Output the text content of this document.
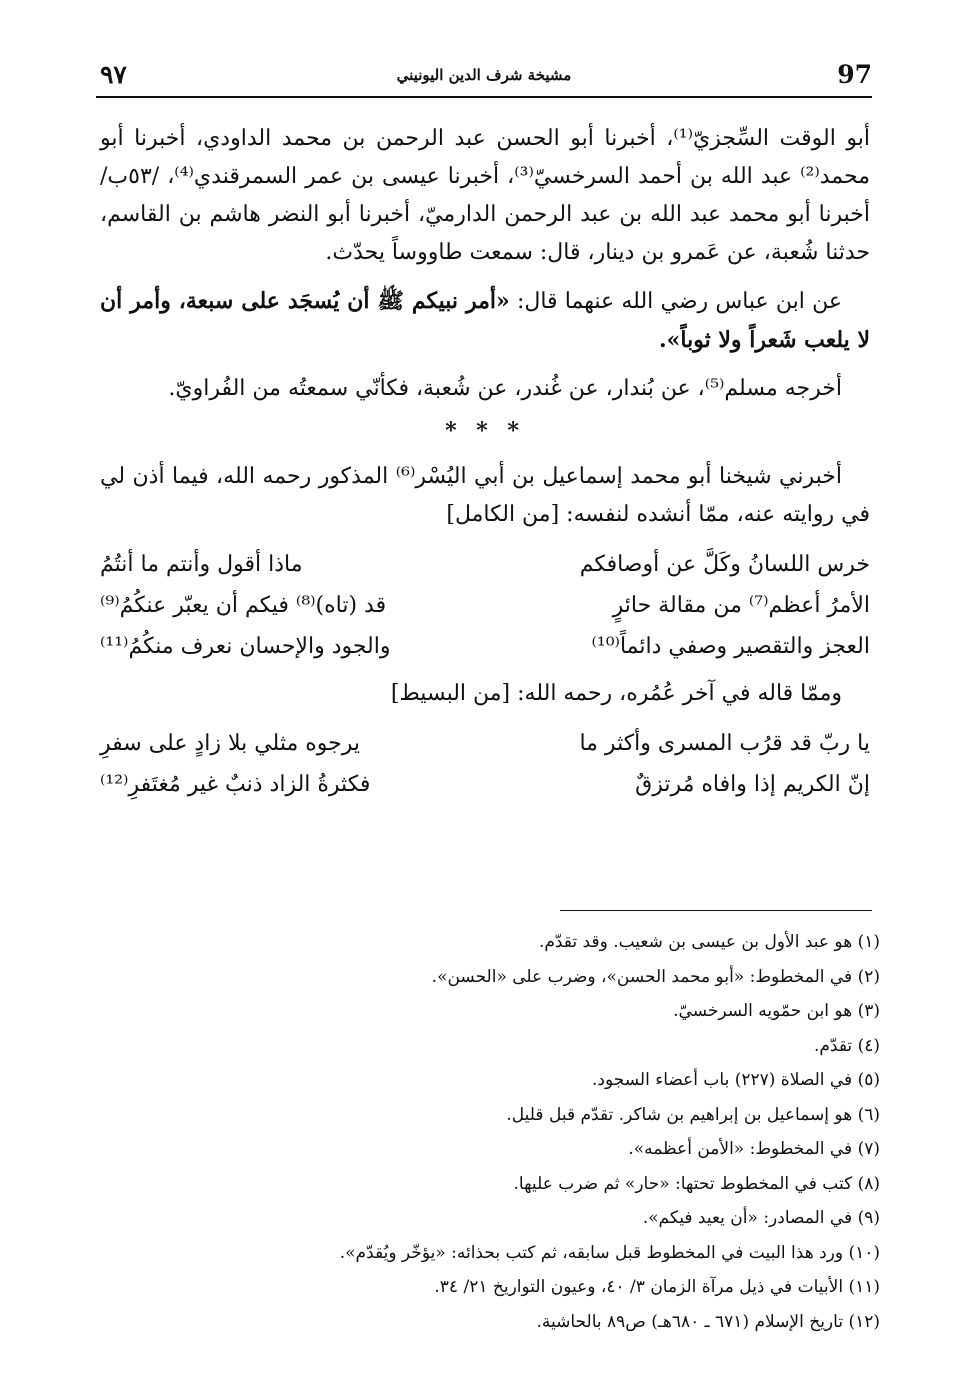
٩٧	مشيخة شرف الدين اليونيني	97

أبو الوقت السِّجزيّ⁽¹⁾، أخبرنا أبو الحسن عبد الرحمن بن محمد الداودي، أخبرنا أبو محمد⁽²⁾ عبد الله بن أحمد السرخسيّ⁽³⁾، أخبرنا عيسى بن عمر السمرقندي⁽⁴⁾، /٥٣ب/ أخبرنا أبو محمد عبد الله بن عبد الرحمن الدارميّ، أخبرنا أبو النضر هاشم بن القاسم، حدثنا شُعبة، عن عَمرو بن دينار، قال: سمعت طاووساً يحدّث.

عن ابن عباس رضي الله عنهما قال: «أمر نبيكم ﷺ أن يُسجَد على سبعة، وأمر أن لا يلعب شَعراً ولا ثوباً».

أخرجه مسلم⁽⁵⁾، عن بُندار، عن غُندر، عن شُعبة، فكأنّي سمعتُه من الفُراويّ.

* * *

أخبرني شيخنا أبو محمد إسماعيل بن أبي اليُسْر⁽⁶⁾ المذكور رحمه الله، فيما أذن لي في روايته عنه، ممّا أنشده لنفسه: [من الكامل]

خرس اللسانُ وكَلَّ عن أوصافكم
ماذا أقول وأنتم ما أنتُمُ
الأمرُ أعظم⁽⁷⁾ من مقالة حائرٍ
قد (تاه)⁽⁸⁾ فيكم أن يعبّر عنكُمُ⁽⁹⁾
العجز والتقصير وصفي دائماً⁽¹⁰⁾
والجود والإحسان نعرف منكُمُ⁽¹¹⁾

وممّا قاله في آخر عُمُره، رحمه الله: [من البسيط]

يا ربّ قد قرُب المسرى وأكثر ما
يرجوه مثلي بلا زادٍ على سفرِ
إنّ الكريم إذا وافاه مُرتزقٌ
فكثرةُ الزاد ذنبٌ غير مُغتَفرِ⁽¹²⁾
(١) هو عبد الأول بن عيسى بن شعيب. وقد تقدّم.
(٢) في المخطوط: «أبو محمد الحسن»، وضرب على «الحسن».
(٣) هو ابن حمّويه السرخسيّ.
(٤) تقدّم.
(٥) في الصلاة (٢٢٧) باب أعضاء السجود.
(٦) هو إسماعيل بن إبراهيم بن شاكر. تقدّم قبل قليل.
(٧) في المخطوط: «الأمن أعظمه».
(٨) كتب في المخطوط تحتها: «حار» ثم ضرب عليها.
(٩) في المصادر: «أن يعيد فيكم».
(١٠) ورد هذا البيت في المخطوط قبل سابقه، ثم كتب بحذائه: «يؤخّر ويُقدّم».
(١١) الأبيات في ذيل مرآة الزمان ٣/ ٤٠، وعيون التواريخ ٢١/ ٣٤.
(١٢) تاريخ الإسلام (٦٧١ ـ ٦٨٠هـ) ص٨٩ بالحاشية.
